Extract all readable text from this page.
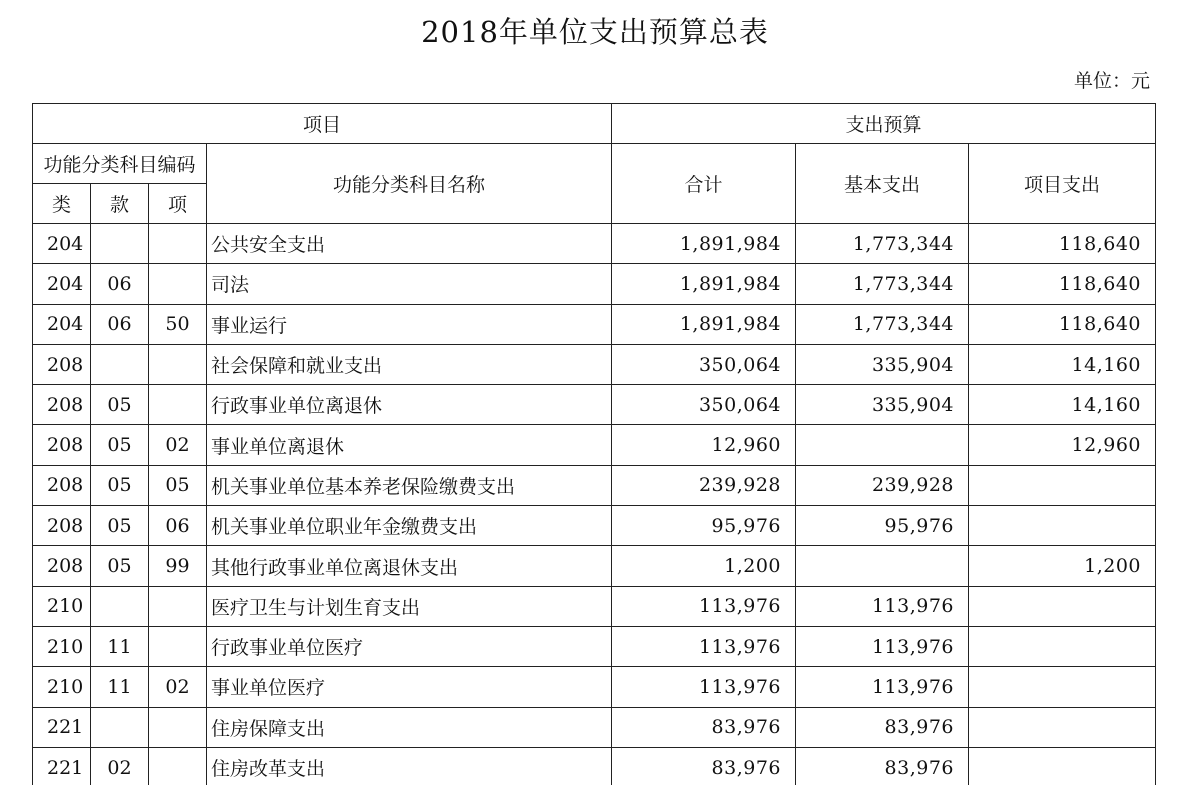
2018年单位支出预算总表
单位：元
项目				支出预算		
功能分类科目编码			功能分类科目名称	合计	基本支出	项目支出
类	款	项				
204			公共安全支出	1,891,984	1,773,344	118,640
204	06		司法	1,891,984	1,773,344	118,640
204	06	50	事业运行	1,891,984	1,773,344	118,640
208			社会保障和就业支出	350,064	335,904	14,160
208	05		行政事业单位离退休	350,064	335,904	14,160
208	05	02	事业单位离退休	12,960		12,960
208	05	05	机关事业单位基本养老保险缴费支出	239,928	239,928	
208	05	06	机关事业单位职业年金缴费支出	95,976	95,976	
208	05	99	其他行政事业单位离退休支出	1,200		1,200
210			医疗卫生与计划生育支出	113,976	113,976	
210	11		行政事业单位医疗	113,976	113,976	
210	11	02	事业单位医疗	113,976	113,976	
221			住房保障支出	83,976	83,976	
221	02		住房改革支出	83,976	83,976	
